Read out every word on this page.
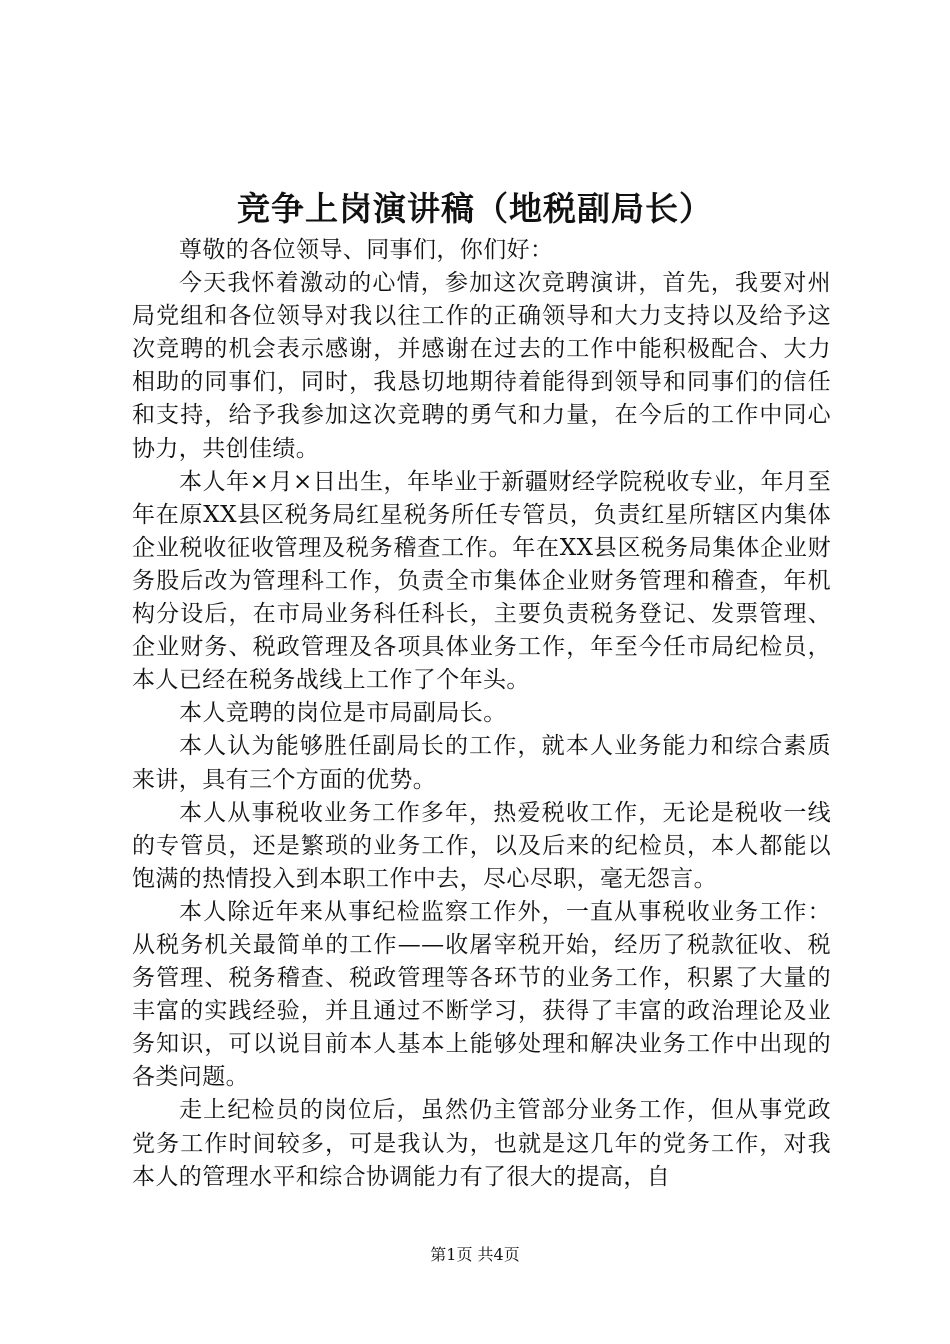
竞争上岗演讲稿（地税副局长）

尊敬的各位领导、同事们，你们好：

今天我怀着激动的心情，参加这次竞聘演讲，首先，我要对州局党组和各位领导对我以往工作的正确领导和大力支持以及给予这次竞聘的机会表示感谢，并感谢在过去的工作中能积极配合、大力相助的同事们，同时，我恳切地期待着能得到领导和同事们的信任和支持，给予我参加这次竞聘的勇气和力量，在今后的工作中同心协力，共创佳绩。

本人年×月×日出生，年毕业于新疆财经学院税收专业，年月至年在原XX县区税务局红星税务所任专管员，负责红星所辖区内集体企业税收征收管理及税务稽查工作。年在XX县区税务局集体企业财务股后改为管理科工作，负责全市集体企业财务管理和稽查，年机构分设后，在市局业务科任科长，主要负责税务登记、发票管理、企业财务、税政管理及各项具体业务工作，年至今任市局纪检员，本人已经在税务战线上工作了个年头。

本人竞聘的岗位是市局副局长。

本人认为能够胜任副局长的工作，就本人业务能力和综合素质来讲，具有三个方面的优势。

本人从事税收业务工作多年，热爱税收工作，无论是税收一线的专管员，还是繁琐的业务工作，以及后来的纪检员，本人都能以饱满的热情投入到本职工作中去，尽心尽职，毫无怨言。

本人除近年来从事纪检监察工作外，一直从事税收业务工作：从税务机关最简单的工作——收屠宰税开始，经历了税款征收、税务管理、税务稽查、税政管理等各环节的业务工作，积累了大量的丰富的实践经验，并且通过不断学习，获得了丰富的政治理论及业务知识，可以说目前本人基本上能够处理和解决业务工作中出现的各类问题。

走上纪检员的岗位后，虽然仍主管部分业务工作，但从事党政党务工作时间较多，可是我认为，也就是这几年的党务工作，对我本人的管理水平和综合协调能力有了很大的提高，自

第1页 共4页
